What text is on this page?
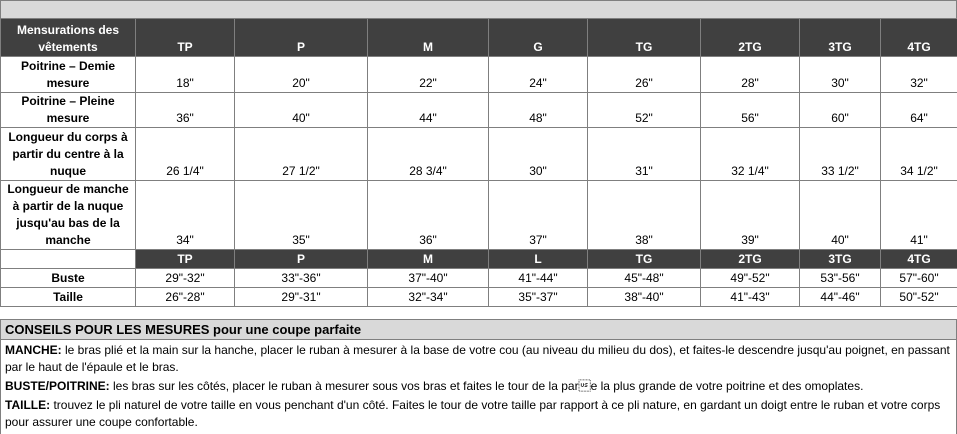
Mensurations des vêtements	TP	P	M	G	TG	2TG	3TG	4TG
Poitrine – Demie mesure	18"	20"	22"	24"	26"	28"	30"	32"
Poitrine – Pleine mesure	36"	40"	44"	48"	52"	56"	60"	64"
Longueur du corps à partir du centre à la nuque	26 1/4"	27 1/2"	28 3/4"	30"	31"	32 1/4"	33 1/2"	34 1/2"
Longueur de manche à partir de la nuque jusqu'au bas de la manche	34"	35"	36"	37"	38"	39"	40"	41"
	TP	P	M	L	TG	2TG	3TG	4TG
Buste	29"-32"	33"-36"	37"-40"	41"-44"	45"-48"	49"-52"	53"-56"	57"-60"
Taille	26"-28"	29"-31"	32"-34"	35"-37"	38"-40"	41"-43"	44"-46"	50"-52"
CONSEILS POUR LES MESURES pour une coupe parfaite

MANCHE: le bras plié et la main sur la hanche, placer le ruban à mesurer à la base de votre cou (au niveau du milieu du dos), et faites-le descendre jusqu'au poignet, en passant par le haut de l'épaule et le bras.

BUSTE/POITRINE: les bras sur les côtés, placer le ruban à mesurer sous vos bras et faites le tour de la pare la plus grande de votre poitrine et des omoplates.

TAILLE: trouvez le pli naturel de votre taille en vous penchant d'un côté. Faites le tour de votre taille par rapport à ce pli nature, en gardant un doigt entre le ruban et votre corps pour assurer une coupe confortable.
